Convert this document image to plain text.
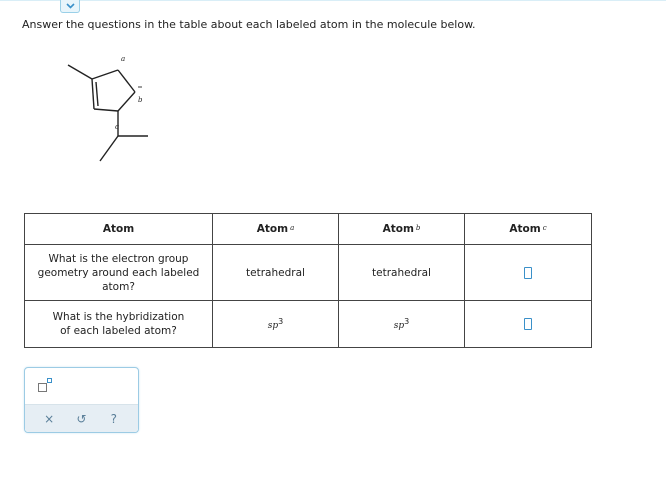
Answer the questions in the table about each labeled atom in the molecule below.
a
b
c
Atom	Atom a	Atom b	Atom c
What is the electron group
geometry around each labeled
atom?	tetrahedral	tetrahedral	
What is the hybridization
of each labeled atom?	$sp^3$	$sp^3$	
× ↺	?
